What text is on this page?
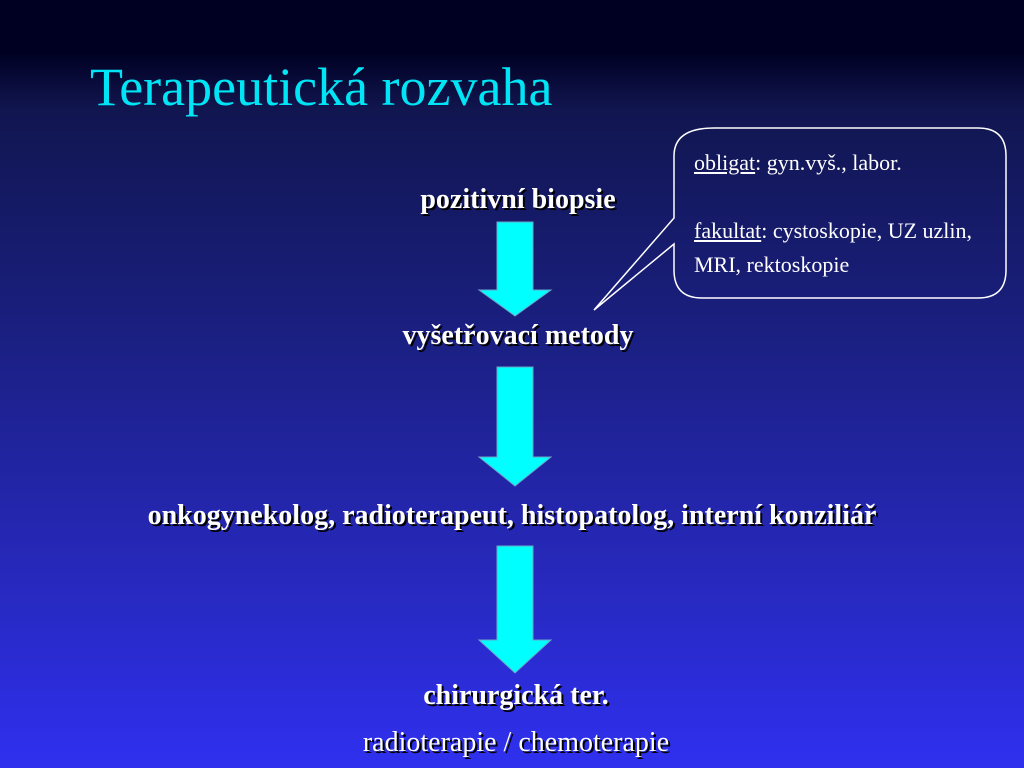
Terapeutická rozvaha

obligat: gyn.vyš., labor.

fakultat: cystoskopie, UZ uzlin, MRI, rektoskopie

pozitivní biopsie
vyšetřovací metody
onkogynekolog, radioterapeut, histopatolog, interní konziliář
chirurgická ter.
radioterapie / chemoterapie
